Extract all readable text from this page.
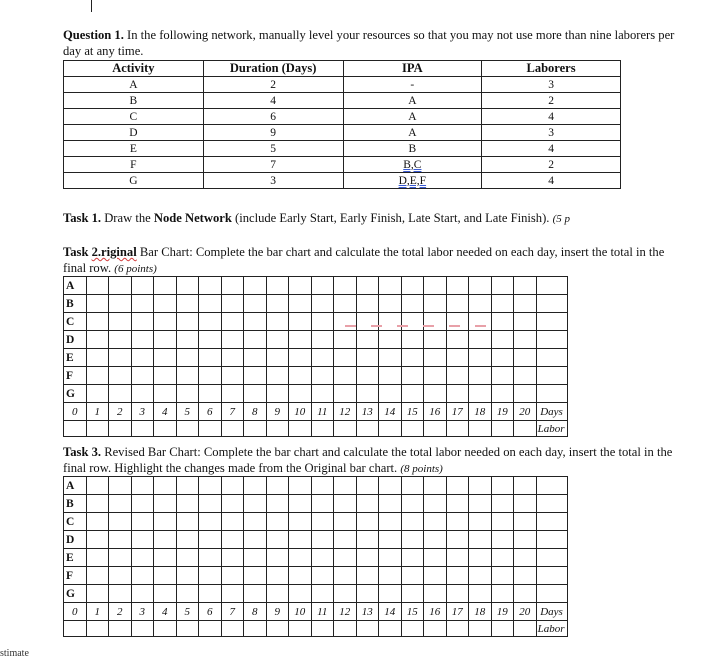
Question 1. In the following network, manually level your resources so that you may not use more than nine laborers per day at any time.

Activity	Duration (Days)	IPA	Laborers
A	2	-	3
B	4	A	2
C	6	A	4
D	9	A	3
E	5	B	4
F	7	B,C	2
G	3	D,E,F	4

Task 1. Draw the Node Network (include Early Start, Early Finish, Late Start, and Late Finish). (5 p

Task 2.riginal Bar Chart: Complete the bar chart and calculate the total labor needed on each day, insert the total in the final row. (6 points)

A																					
B																					
C																					
D																					
E																					
F																					
G																					
0	1	2	3	4	5	6	7	8	9	10	11	12	13	14	15	16	17	18	19	20	Days
																					Labor

Task 3. Revised Bar Chart: Complete the bar chart and calculate the total labor needed on each day, insert the total in the final row. Highlight the changes made from the Original bar chart. (8 points)

A																					
B																					
C																					
D																					
E																					
F																					
G																					
0	1	2	3	4	5	6	7	8	9	10	11	12	13	14	15	16	17	18	19	20	Days
																					Labor
stimate
